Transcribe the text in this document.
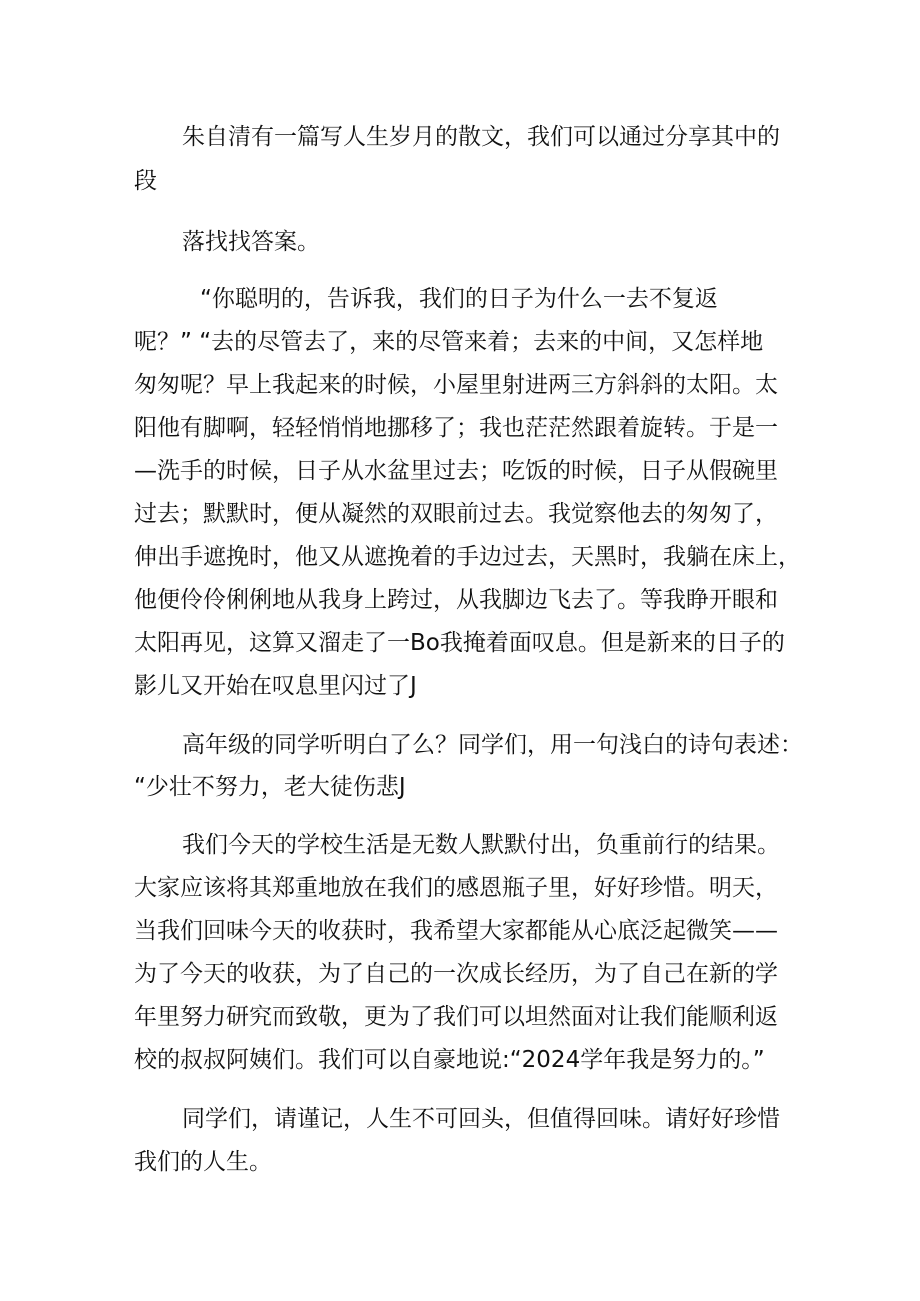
朱自清有一篇写人生岁月的散文，我们可以通过分享其中的
段
落找找答案。
“你聪明的，告诉我，我们的日子为什么一去不复返
呢？” “去的尽管去了，来的尽管来着；去来的中间，又怎样地
匆匆呢？早上我起来的时候，小屋里射进两三方斜斜的太阳。太
阳他有脚啊，轻轻悄悄地挪移了；我也茫茫然跟着旋转。于是一
—洗手的时候，日子从水盆里过去；吃饭的时候，日子从假碗里
过去；默默时，便从凝然的双眼前过去。我觉察他去的匆匆了，
伸出手遮挽时，他又从遮挽着的手边过去，天黑时，我躺在床上，
他便伶伶俐俐地从我身上跨过，从我脚边飞去了。等我睁开眼和
太阳再见，这算又溜走了一Bo我掩着面叹息。但是新来的日子的
影儿又开始在叹息里闪过了J
高年级的同学听明白了么？同学们，用一句浅白的诗句表述：
“少壮不努力，老大徒伤悲J
我们今天的学校生活是无数人默默付出，负重前行的结果。
大家应该将其郑重地放在我们的感恩瓶子里，好好珍惜。明天，
当我们回味今天的收获时，我希望大家都能从心底泛起微笑——
为了今天的收获，为了自己的一次成长经历，为了自己在新的学
年里努力研究而致敬，更为了我们可以坦然面对让我们能顺利返
校的叔叔阿姨们。我们可以自豪地说:“2024学年我是努力的。”
同学们，请谨记，人生不可回头，但值得回味。请好好珍惜
我们的人生。
